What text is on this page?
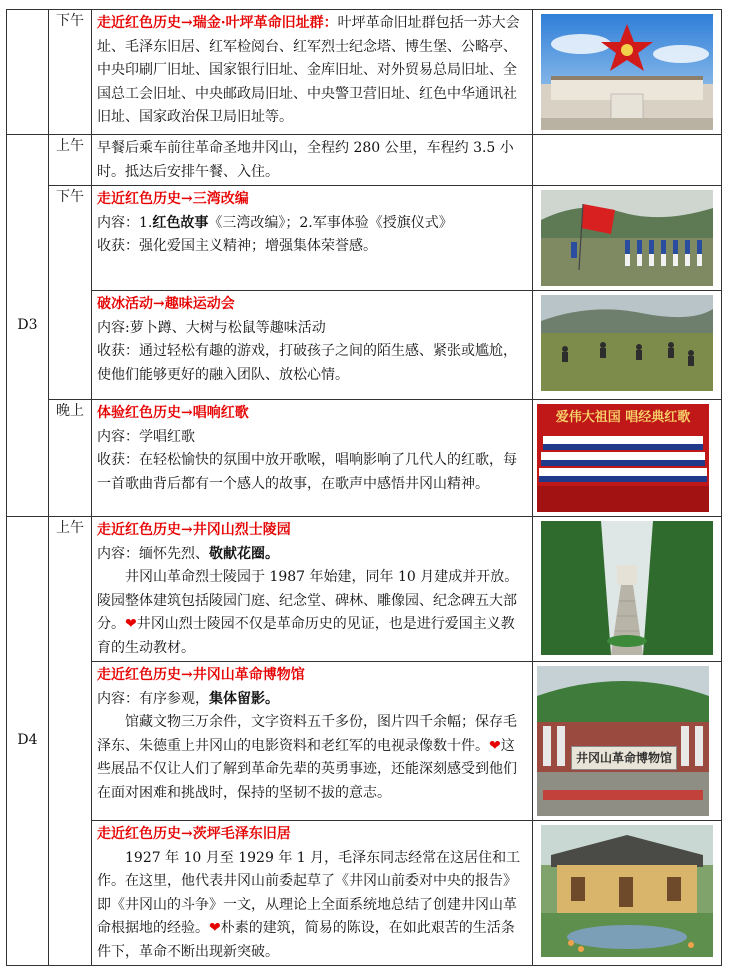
	下午	走近红色历史→瑞金·叶坪革命旧址群：叶坪革命旧址群包括一苏大会址、毛泽东旧居、红军检阅台、红军烈士纪念塔、博生堡、公略亭、中央印刷厂旧址、国家银行旧址、金库旧址、对外贸易总局旧址、全国总工会旧址、中央邮政局旧址、中央警卫营旧址、红色中华通讯社旧址、国家政治保卫局旧址等。	

D3	上午	早餐后乘车前往革命圣地井冈山，全程约 280 公里，车程约 3.5 小时。抵达后安排午餐、入住。	
	下午	走近红色历史→三湾改编
内容：1.红色故事《三湾改编》；2.军事体验《授旗仪式》
收获：强化爱国主义精神；增强集体荣誉感。

		破冰活动→趣味运动会
内容:萝卜蹲、大树与松鼠等趣味活动
收获：通过轻松有趣的游戏，打破孩子之间的陌生感、紧张或尴尬，使他们能够更好的融入团队、放松心情。

	晚上	体验红色历史→唱响红歌
内容：学唱红歌
收获：在轻松愉快的氛围中放开歌喉，唱响影响了几代人的红歌，每一首歌曲背后都有一个感人的故事，在歌声中感悟井冈山精神。	爱伟大祖国 唱经典红歌

D4	上午	走近红色历史→井冈山烈士陵园
内容：缅怀先烈、敬献花圈。
井冈山革命烈士陵园于 1987 年始建，同年 10 月建成并开放。陵园整体建筑包括陵园门庭、纪念堂、碑林、雕像园、纪念碑五大部分。❤井冈山烈士陵园不仅是革命历史的见证，也是进行爱国主义教育的生动教材。

		走近红色历史→井冈山革命博物馆
内容：有序参观，集体留影。
馆藏文物三万余件，文字资料五千多份，图片四千余幅；保存毛泽东、朱德重上井冈山的电影资料和老红军的电视录像数十件。❤这些展品不仅让人们了解到革命先辈的英勇事迹，还能深刻感受到他们在面对困难和挑战时，保持的坚韧不拔的意志。	井冈山革命博物馆

		走近红色历史→茨坪毛泽东旧居
1927 年 10 月至 1929 年 1 月，毛泽东同志经常在这居住和工作。在这里，他代表井冈山前委起草了《井冈山前委对中央的报告》即《井冈山的斗争》一文，从理论上全面系统地总结了创建井冈山革命根据地的经验。❤朴素的建筑，简易的陈设，在如此艰苦的生活条件下，革命不断出现新突破。
